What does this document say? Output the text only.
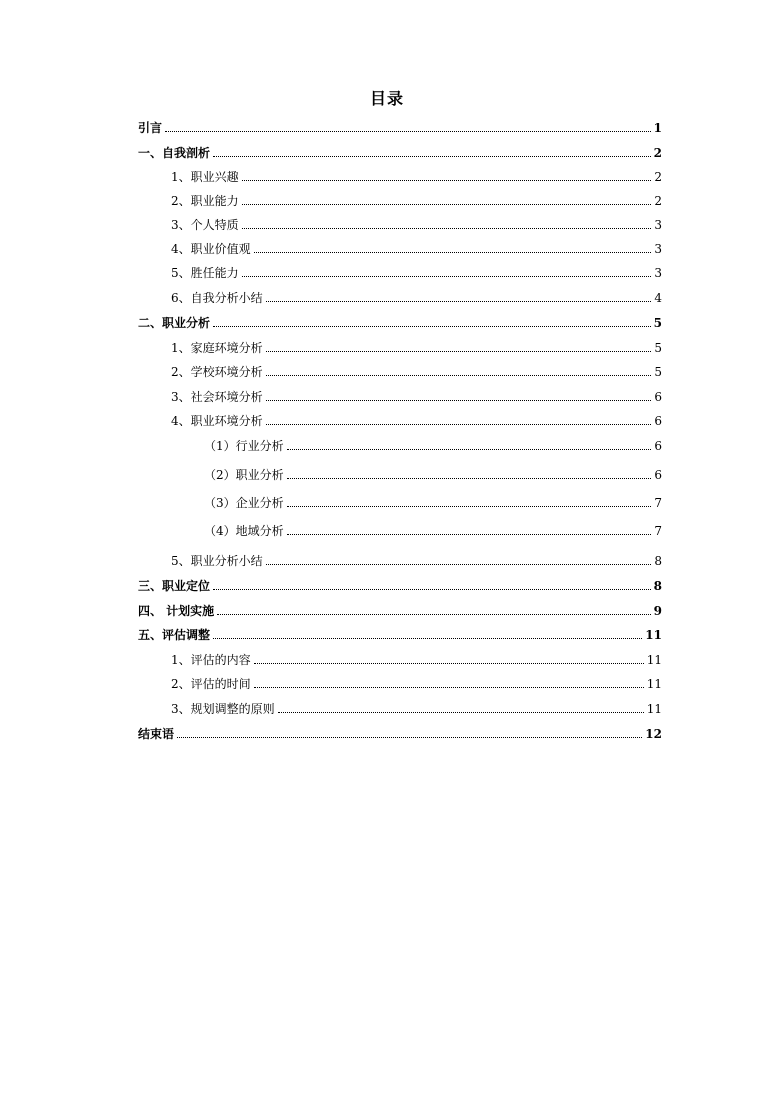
目录
引言	1
一、自我剖析	2
1、职业兴趣	2
2、职业能力	2
3、个人特质	3
4、职业价值观	3
5、胜任能力	3
6、自我分析小结	4
二、职业分析	5
1、家庭环境分析	5
2、学校环境分析	5
3、社会环境分析	6
4、职业环境分析	6
（1）行业分析	6
（2）职业分析	6
（3）企业分析	7
（4）地域分析	7
5、职业分析小结	8
三、职业定位	8
四、 计划实施	9
五、评估调整	11
1、评估的内容	11
2、评估的时间	11
3、规划调整的原则	11
结束语	12
